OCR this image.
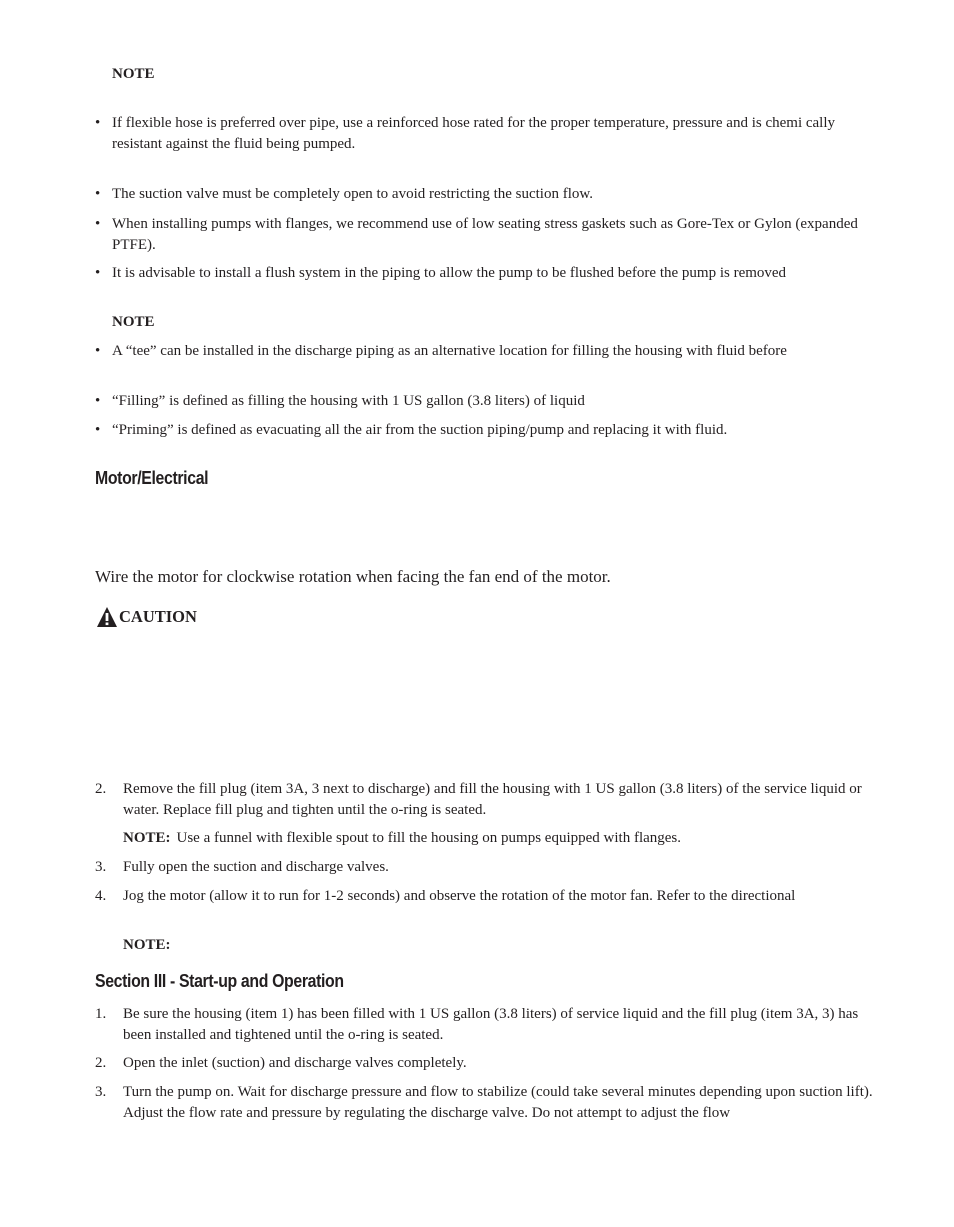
NOTE
• If flexible hose is preferred over pipe, use a reinforced hose rated for the proper temperature, pressure and is chemi cally resistant against the fluid being pumped.
• The suction valve must be completely open to avoid restricting the suction flow.
• When installing pumps with flanges, we recommend use of low seating stress gaskets such as Gore-Tex or Gylon (expanded PTFE).
• It is advisable to install a flush system in the piping to allow the pump to be flushed before the pump is removed
NOTE
• A “tee” can be installed in the discharge piping as an alternative location for filling the housing with fluid before
• “Filling” is defined as filling the housing with 1 US gallon (3.8 liters) of liquid
• “Priming” is defined as evacuating all the air from the suction piping/pump and replacing it with fluid.
Motor/Electrical
Wire the motor for clockwise rotation when facing the fan end of the motor.
CAUTION
2.	Remove the fill plug (item 3A, 3 next to discharge) and fill the housing with 1 US gallon (3.8 liters) of the service liquid or water. Replace fill plug and tighten until the o-ring is seated.
NOTE: Use a funnel with flexible spout to fill the housing on pumps equipped with flanges.
3.	Fully open the suction and discharge valves.
4.	Jog the motor (allow it to run for 1-2 seconds) and observe the rotation of the motor fan. Refer to the directional
NOTE:
Section III - Start-up and Operation
1.	Be sure the housing (item 1) has been filled with 1 US gallon (3.8 liters) of service liquid and the fill plug (item 3A, 3) has been installed and tightened until the o-ring is seated.
2.	Open the inlet (suction) and discharge valves completely.
3.	Turn the pump on. Wait for discharge pressure and flow to stabilize (could take several minutes depending upon suction lift). Adjust the flow rate and pressure by regulating the discharge valve. Do not attempt to adjust the flow
